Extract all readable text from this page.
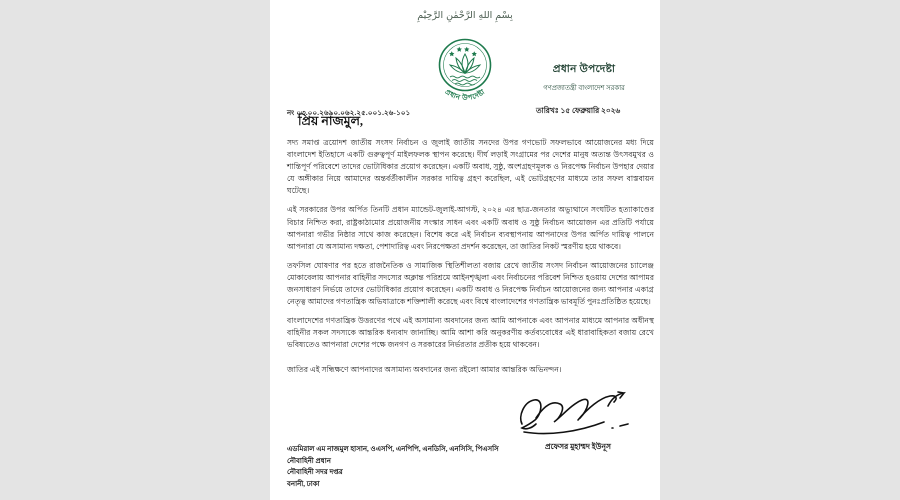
بِسْمِ اللهِ الرَّحْمٰنِ الرَّحِيْمِ
প্রধান উপদেষ্টা
প্রধান উপদেষ্টা
গণপ্রজাতন্ত্রী বাংলাদেশ সরকার
নং ০৩.০০.২৬৯০.০৬২.২৫.০০১.২৬-১০১	তারিখঃ ১৫ ফেব্রুয়ারি ২০২৬
প্রিয় নাজমুল,

সদ্য সমাপ্ত ত্রয়োদশ জাতীয় সংসদ নির্বাচন ও জুলাই জাতীয় সনদের উপর গণভোট সফলভাবে আয়োজনের মধ্য দিয়ে বাংলাদেশ ইতিহাসে একটি গুরুত্বপূর্ণ মাইলফলক স্থাপন করেছে। দীর্ঘ লড়াই সংগ্রামের পর দেশের মানুষ অত্যন্ত উৎসবমুখর ও শান্তিপূর্ণ পরিবেশে তাদের ভোটাধিকার প্রয়োগ করেছেন। একটি অবাধ, সুষ্ঠু, অংশগ্রহণমূলক ও নিরপেক্ষ নির্বাচন উপহার দেয়ার যে অঙ্গীকার নিয়ে আমাদের অন্তর্বর্তীকালীন সরকার দায়িত্ব গ্রহণ করেছিল, এই ভোটগ্রহণের মাধ্যমে তার সফল বাস্তবায়ন ঘটেছে।

এই সরকারের উপর অর্পিত তিনটি প্রধান ম্যান্ডেট-জুলাই-আগস্ট, ২০২৪ এর ছাত্র-জনতার অভ্যুত্থানে সংঘটিত হত্যাকাণ্ডের বিচার নিশ্চিত করা, রাষ্ট্রকাঠামোর প্রয়োজনীয় সংস্কার সাধন এবং একটি অবাধ ও সুষ্ঠু নির্বাচন আয়োজন এর প্রতিটি পর্যায়ে আপনারা গভীর নিষ্ঠার সাথে কাজ করেছেন। বিশেষ করে এই নির্বাচন ব্যবস্থাপনায় আপনাদের উপর অর্পিত দায়িত্ব পালনে আপনারা যে অসামান্য দক্ষতা, পেশাদারিত্ব এবং নিরপেক্ষতা প্রদর্শন করেছেন, তা জাতির নিকট স্মরণীয় হয়ে থাকবে।

তফসিল ঘোষণার পর হতে রাজনৈতিক ও সামাজিক স্থিতিশীলতা বজায় রেখে জাতীয় সংসদ নির্বাচন আয়োজনের চ্যালেঞ্জ মোকাবেলায় আপনার বাহিনীর সদস্যের অক্লান্ত পরিশ্রমে আইনশৃঙ্খলা এবং নির্বাচনের পরিবেশ নিশ্চিত হওয়ায় দেশের আপামর জনসাধারণ নির্ভয়ে তাদের ভোটাধিকার প্রয়োগ করেছেন। একটি অবাধ ও নিরপেক্ষ নির্বাচন আয়োজনের জন্য আপনার একাগ্র নেতৃত্ব আমাদের গণতান্ত্রিক অভিযাত্রাকে শক্তিশালী করেছে এবং বিশ্বে বাংলাদেশের গণতান্ত্রিক ভাবমূর্তি পুনঃপ্রতিষ্ঠিত হয়েছে।

বাংলাদেশের গণতান্ত্রিক উত্তরণের পথে এই অসামান্য অবদানের জন্য আমি আপনাকে এবং আপনার মাধ্যমে আপনার অধীনস্থ বাহিনীর সকল সদস্যকে আন্তরিক ধন্যবাদ জানাচ্ছি। আমি আশা করি অনুকরণীয় কর্তব্যবোধের এই ধারাবাহিকতা বজায় রেখে ভবিষ্যতেও আপনারা দেশের পক্ষে জনগণ ও সরকারের নির্ভরতার প্রতীক হয়ে থাকবেন।

জাতির এই সন্ধিক্ষণে আপনাদের অসামান্য অবদানের জন্য রইলো আমার আন্তরিক অভিনন্দন।

প্রফেসর মুহাম্মদ ইউনূস
এডমিরাল এম নাজমুল হাসান, ওএসপি, এনপিপি, এনডিসি, এনসিসি, পিএসসি
নৌবাহিনী প্রধান
নৌবাহিনী সদর দপ্তর
বনানী, ঢাকা
